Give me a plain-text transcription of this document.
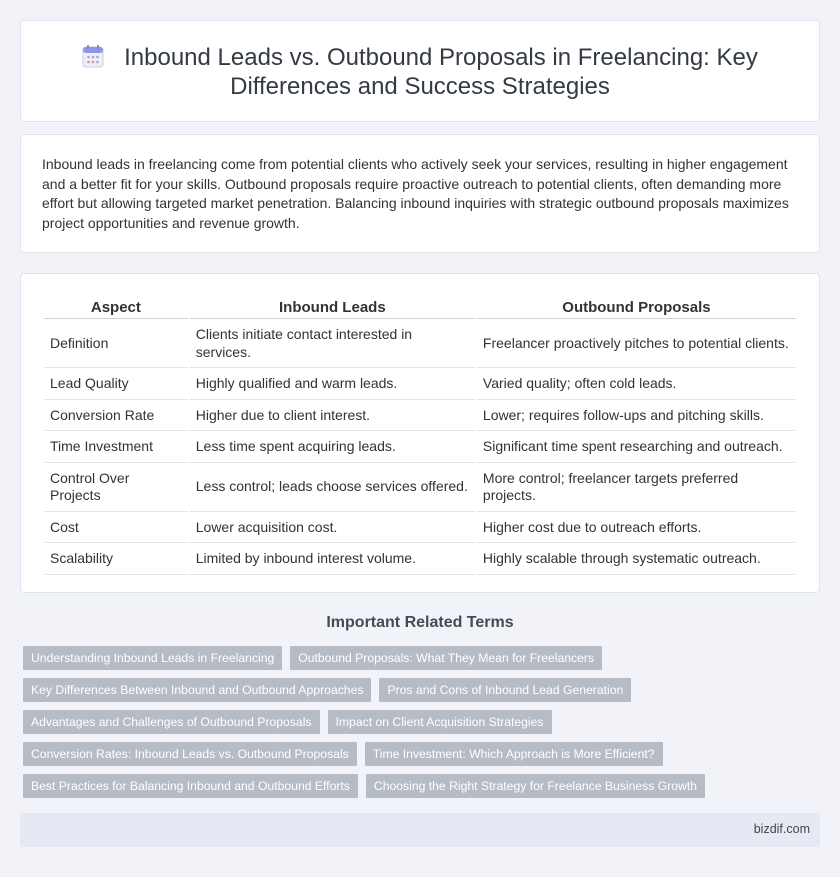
Inbound Leads vs. Outbound Proposals in Freelancing: Key Differences and Success Strategies

Inbound leads in freelancing come from potential clients who actively seek your services, resulting in higher engagement and a better fit for your skills. Outbound proposals require proactive outreach to potential clients, often demanding more effort but allowing targeted market penetration. Balancing inbound inquiries with strategic outbound proposals maximizes project opportunities and revenue growth.

Aspect	Inbound Leads	Outbound Proposals
Definition	Clients initiate contact interested in services.	Freelancer proactively pitches to potential clients.
Lead Quality	Highly qualified and warm leads.	Varied quality; often cold leads.
Conversion Rate	Higher due to client interest.	Lower; requires follow-ups and pitching skills.
Time Investment	Less time spent acquiring leads.	Significant time spent researching and outreach.
Control Over Projects	Less control; leads choose services offered.	More control; freelancer targets preferred projects.
Cost	Lower acquisition cost.	Higher cost due to outreach efforts.
Scalability	Limited by inbound interest volume.	Highly scalable through systematic outreach.
Important Related Terms
Understanding Inbound Leads in Freelancing	Outbound Proposals: What They Mean for Freelancers
Key Differences Between Inbound and Outbound Approaches	Pros and Cons of Inbound Lead Generation
Advantages and Challenges of Outbound Proposals	Impact on Client Acquisition Strategies
Conversion Rates: Inbound Leads vs. Outbound Proposals	Time Investment: Which Approach is More Efficient?
Best Practices for Balancing Inbound and Outbound Efforts	Choosing the Right Strategy for Freelance Business Growth
bizdif.com
